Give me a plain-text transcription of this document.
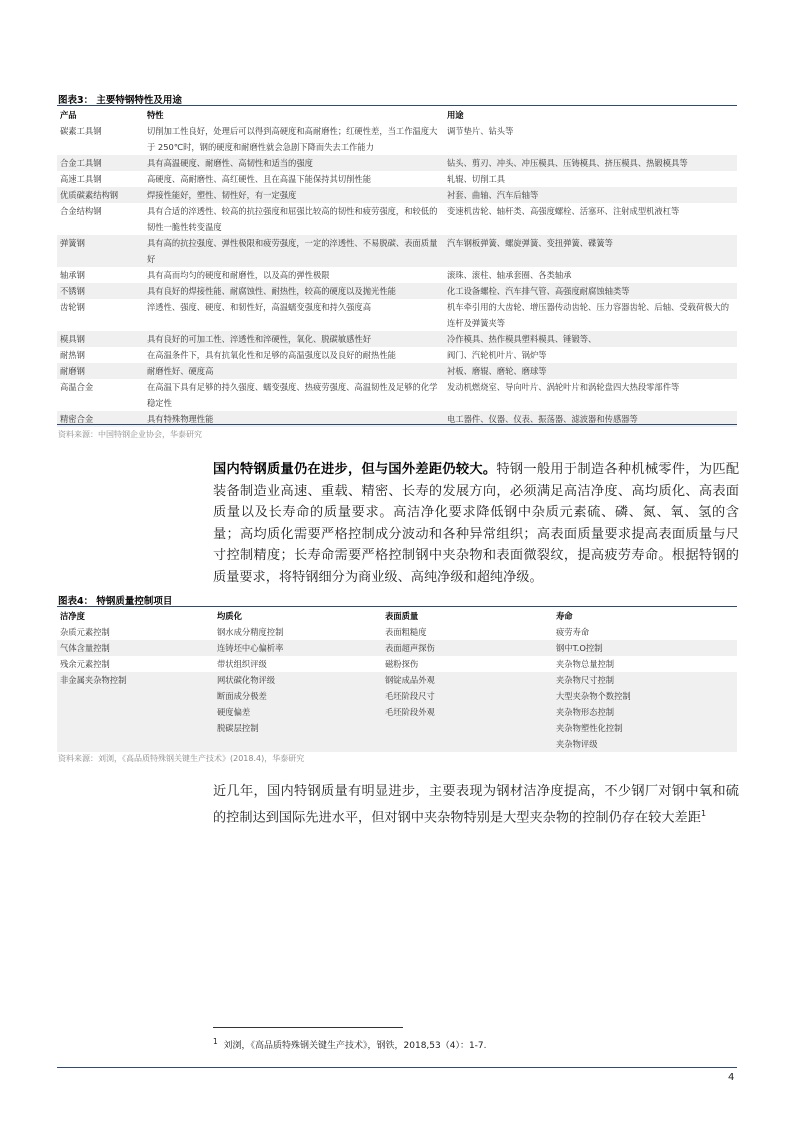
图表3： 主要特钢特性及用途
产品	特性	用途
碳素工具钢	切削加工性良好，处理后可以得到高硬度和高耐磨性；红硬性差，当工作温度大于 250℃时，钢的硬度和耐磨性就会急剧下降而失去工作能力	调节垫片、钻头等
合金工具钢	具有高温硬度、耐磨性、高韧性和适当的强度	钻头、剪刃、冲头、冲压模具、压铸模具、挤压模具、热锻模具等
高速工具钢	高硬度、高耐磨性、高红硬性、且在高温下能保持其切削性能	轧辊、切削工具
优质碳素结构钢	焊接性能好，塑性、韧性好，有一定强度	衬套、曲轴、汽车后轴等
合金结构钢	具有合适的淬透性、较高的抗拉强度和屈强比较高的韧性和疲劳强度，和较低的韧性一脆性转变温度	变速机齿轮、轴杆类、高强度螺栓、活塞环、注射成型机液杠等
弹簧钢	具有高的抗拉强度、弹性极限和疲劳强度，一定的淬透性、不易脱碳、表面质量好	汽车钢板弹簧、螺旋弹簧、变扭弹簧、碟簧等
轴承钢	具有高而均匀的硬度和耐磨性，以及高的弹性极限	滚珠、滚柱、轴承套圈、各类轴承
不锈钢	具有良好的焊接性能、耐腐蚀性、耐热性，较高的硬度以及抛光性能	化工设备螺栓、汽车排气管、高强度耐腐蚀轴类等
齿轮钢	淬透性、强度、硬度、和韧性好，高温蠕变强度和持久强度高	机车牵引用的大齿轮、增压器传动齿轮、压力容器齿轮、后轴、受载荷极大的连杆及弹簧夹等
模具钢	具有良好的可加工性、淬透性和淬硬性，氧化、脱碳敏感性好	冷作模具、热作模具塑料模具、锤锻等、
耐热钢	在高温条件下，具有抗氧化性和足够的高温强度以及良好的耐热性能	阀门、汽轮机叶片、锅炉等
耐磨钢	耐磨性好、硬度高	衬板、磨辊、磨轮、磨球等
高温合金	在高温下具有足够的持久强度、蠕变强度、热疲劳强度、高温韧性及足够的化学稳定性	发动机燃烧室、导向叶片、涡轮叶片和涡轮盘四大热段零部件等
精密合金	具有特殊物理性能	电工器件、仪器、仪表、振荡器、滤波器和传感器等
资料来源：中国特钢企业协会，华泰研究
国内特钢质量仍在进步，但与国外差距仍较大。特钢一般用于制造各种机械零件，为匹配装备制造业高速、重载、精密、长寿的发展方向，必须满足高洁净度、高均质化、高表面质量以及长寿命的质量要求。高洁净化要求降低钢中杂质元素硫、磷、氮、氧、氢的含量；高均质化需要严格控制成分波动和各种异常组织；高表面质量要求提高表面质量与尺寸控制精度；长寿命需要严格控制钢中夹杂物和表面微裂纹，提高疲劳寿命。根据特钢的质量要求，将特钢细分为商业级、高纯净级和超纯净级。
图表4： 特钢质量控制项目
洁净度	均质化	表面质量	寿命
杂质元素控制	钢水成分精度控制	表面粗糙度	疲劳寿命
气体含量控制	连铸坯中心偏析率	表面超声探伤	钢中T.O控制
残余元素控制	带状组织评级	磁粉探伤	夹杂物总量控制
非金属夹杂物控制	网状碳化物评级	钢锭成品外观	夹杂物尺寸控制
	断面成分极差	毛坯阶段尺寸	大型夹杂物个数控制
	硬度偏差	毛坯阶段外观	夹杂物形态控制
	脱碳层控制		夹杂物塑性化控制
			夹杂物评级
资料来源：刘浏，《高品质特殊钢关键生产技术》(2018.4)，华泰研究
近几年，国内特钢质量有明显进步，主要表现为钢材洁净度提高，不少钢厂对钢中氧和硫的控制达到国际先进水平，但对钢中夹杂物特别是大型夹杂物的控制仍存在较大差距$^1$
$^1$ 刘浏，《高品质特殊钢关键生产技术》，钢铁，2018,53（4）：1-7.
4
